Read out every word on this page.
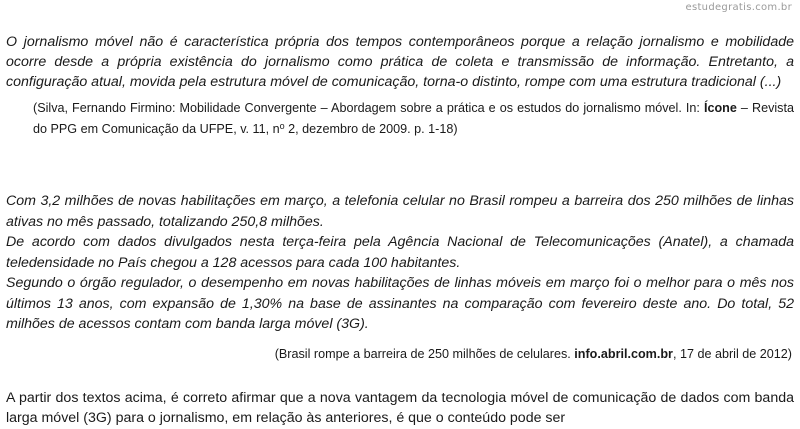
estudegratis.com.br

O jornalismo móvel não é característica própria dos tempos contemporâneos porque a relação jornalismo e mobilidade ocorre desde a própria existência do jornalismo como prática de coleta e transmissão de informação. Entretanto, a configuração atual, movida pela estrutura móvel de comunicação, torna-o distinto, rompe com uma estrutura tradicional (...)

(Silva, Fernando Firmino: Mobilidade Convergente – Abordagem sobre a prática e os estudos do jornalismo móvel. In: Ícone – Revista do PPG em Comunicação da UFPE, v. 11, $n^o$ 2, dezembro de 2009. p. 1-18)

Com 3,2 milhões de novas habilitações em março, a telefonia celular no Brasil rompeu a barreira dos 250 milhões de linhas ativas no mês passado, totalizando 250,8 milhões.

De acordo com dados divulgados nesta terça-feira pela Agência Nacional de Telecomunicações (Anatel), a chamada teledensidade no País chegou a 128 acessos para cada 100 habitantes.

Segundo o órgão regulador, o desempenho em novas habilitações de linhas móveis em março foi o melhor para o mês nos últimos 13 anos, com expansão de 1,30% na base de assinantes na comparação com fevereiro deste ano. Do total, 52 milhões de acessos contam com banda larga móvel (3G).

(Brasil rompe a barreira de 250 milhões de celulares. info.abril.com.br, 17 de abril de 2012)

A partir dos textos acima, é correto afirmar que a nova vantagem da tecnologia móvel de comunicação de dados com banda larga móvel (3G) para o jornalismo, em relação às anteriores, é que o conteúdo pode ser
